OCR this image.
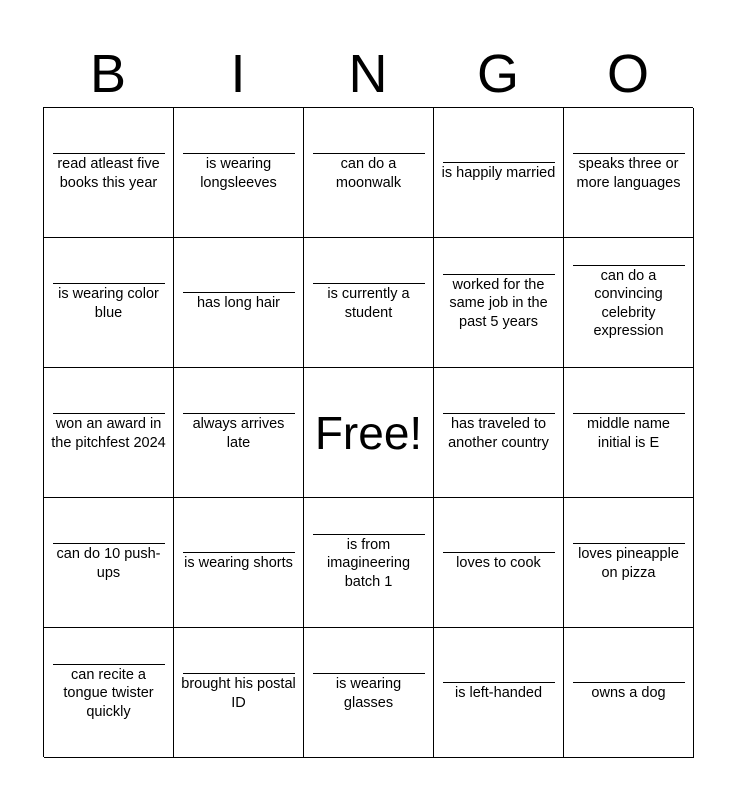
B	I	N	G	O
read atleast five books this year
is wearing longsleeves
can do a moonwalk
is happily married
speaks three or more languages
is wearing color blue
has long hair
is currently a student
worked for the same job in the past 5 years
can do a convincing celebrity expression
won an award in the pitchfest 2024
always arrives late	Free!	has traveled to another country
middle name initial is E
can do 10 push-ups
is wearing shorts
is from imagineering batch 1
loves to cook
loves pineapple on pizza
can recite a tongue twister quickly
brought his postal ID
is wearing glasses
is left-handed	owns a dog
